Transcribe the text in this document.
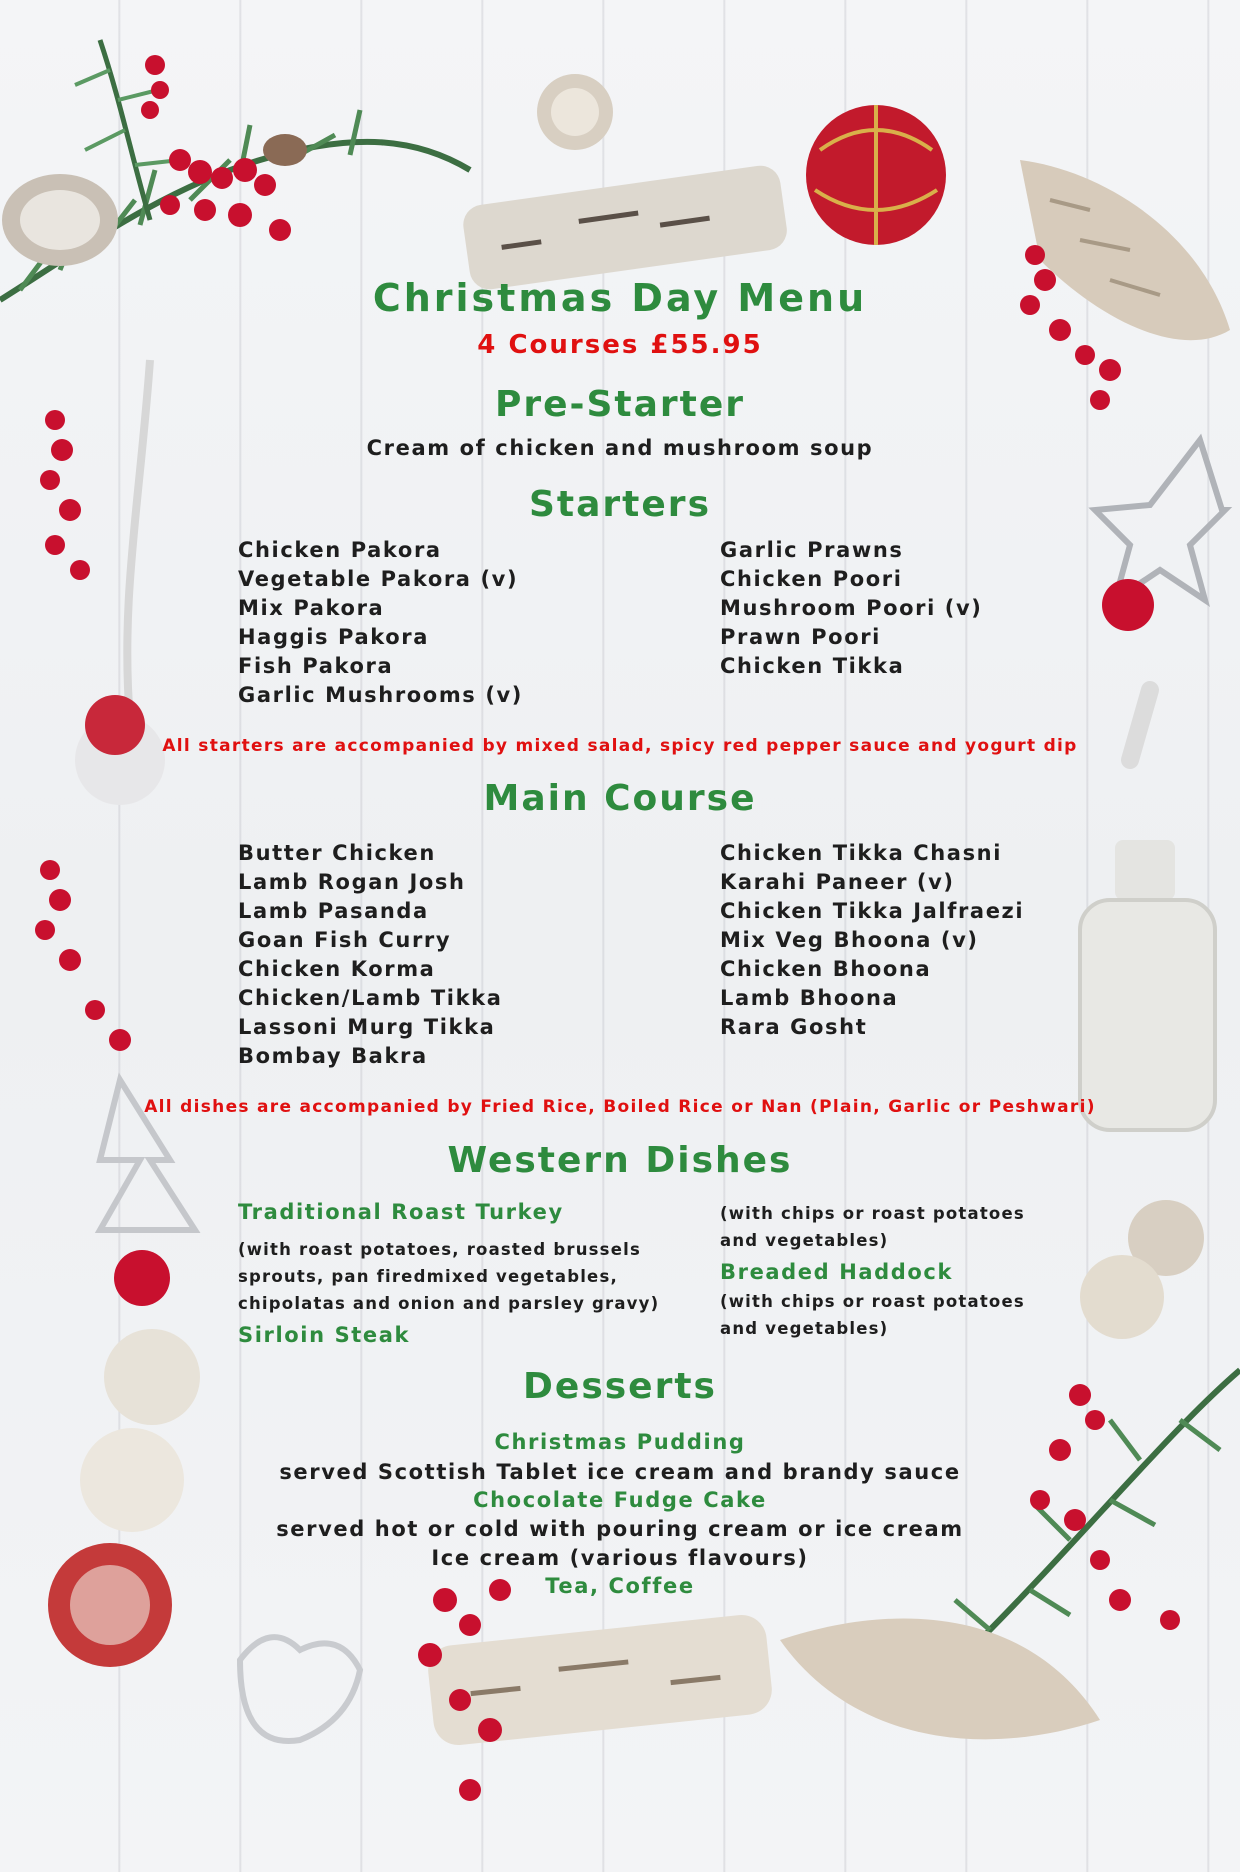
Christmas Day Menu
4 Courses £55.95
Pre-Starter
Cream of chicken and mushroom soup
Starters
Chicken Pakora
Vegetable Pakora (v)
Mix Pakora
Haggis Pakora
Fish Pakora
Garlic Mushrooms (v)
Garlic Prawns
Chicken Poori
Mushroom Poori (v)
Prawn Poori
Chicken Tikka
All starters are accompanied by mixed salad, spicy red pepper sauce and yogurt dip
Main Course
Butter Chicken
Lamb Rogan Josh
Lamb Pasanda
Goan Fish Curry
Chicken Korma
Chicken/Lamb Tikka
Lassoni Murg Tikka
Bombay Bakra
Chicken Tikka Chasni
Karahi Paneer (v)
Chicken Tikka Jalfraezi
Mix Veg Bhoona (v)
Chicken Bhoona
Lamb Bhoona
Rara Gosht
All dishes are accompanied by Fried Rice, Boiled Rice or Nan (Plain, Garlic or Peshwari)
Western Dishes
Traditional Roast Turkey
(with roast potatoes, roasted brussels sprouts, pan firedmixed vegetables, chipolatas and onion and parsley gravy)
Sirloin Steak
(with chips or roast potatoes and vegetables)
Breaded Haddock
(with chips or roast potatoes and vegetables)
Desserts
Christmas Pudding
served Scottish Tablet ice cream and brandy sauce
Chocolate Fudge Cake
served hot or cold with pouring cream or ice cream
Ice cream (various flavours)
Tea, Coffee
